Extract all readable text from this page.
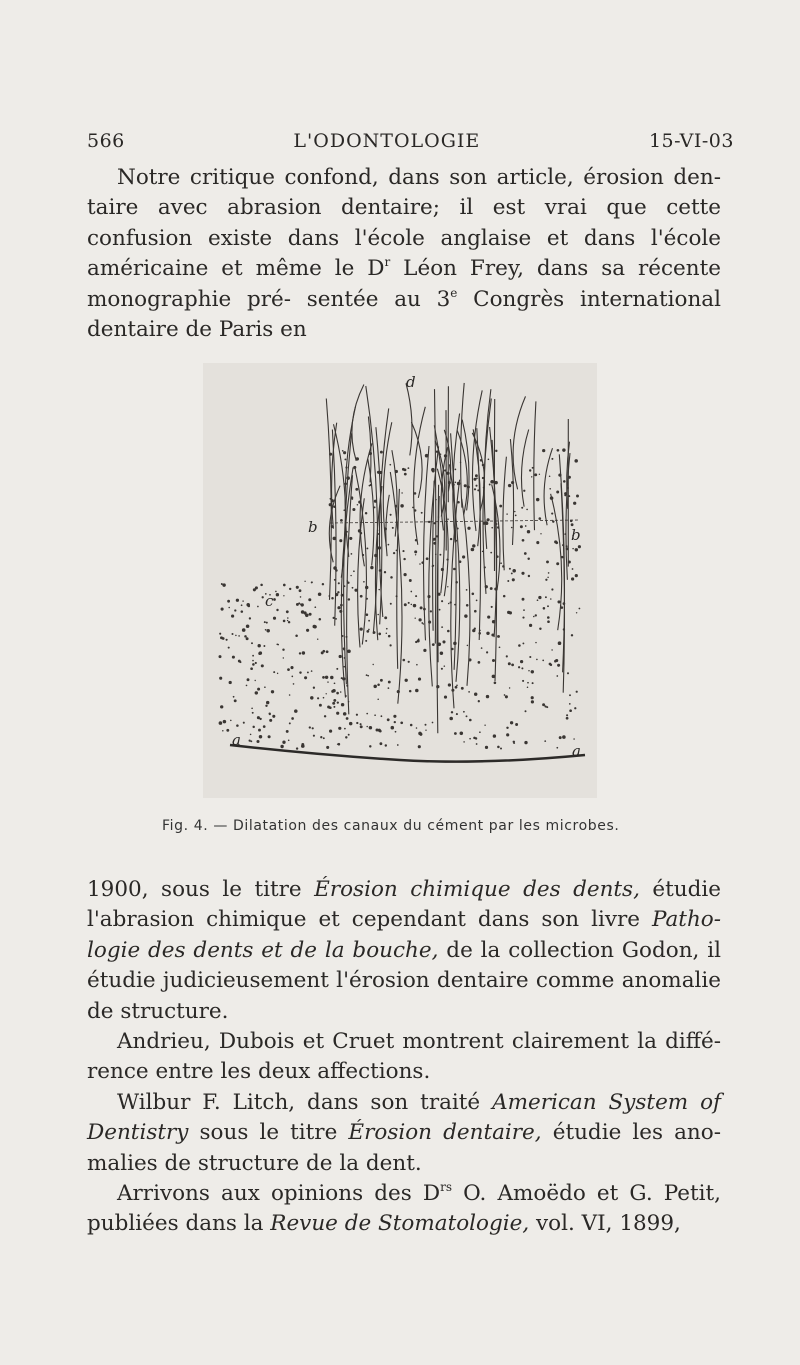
566	L'ODONTOLOGIE	15-VI-03

Notre critique confond, dans son article, érosion den- taire avec abrasion dentaire; il est vrai que cette confusion existe dans l'école anglaise et dans l'école américaine et même le $D^r$ Léon Frey, dans sa récente monographie pré- sentée au 3e Congrès international dentaire de Paris en

d
b	b
c
a
a
Fig. 4. — Dilatation des canaux du cément par les microbes.

1900, sous le titre Érosion chimique des dents, étudie l'abrasion chimique et cependant dans son livre Patho-logie des dents et de la bouche, de la collection Godon, il étudie judicieusement l'érosion dentaire comme anomalie de structure.

Andrieu, Dubois et Cruet montrent clairement la diffé-rence entre les deux affections.

Wilbur F. Litch, dans son traité American System of Dentistry sous le titre Érosion dentaire, étudie les ano-malies de structure de la dent.

Arrivons aux opinions des $D^{rs}$ O. Amoëdo et G. Petit, publiées dans la Revue de Stomatologie, vol. VI, 1899,
